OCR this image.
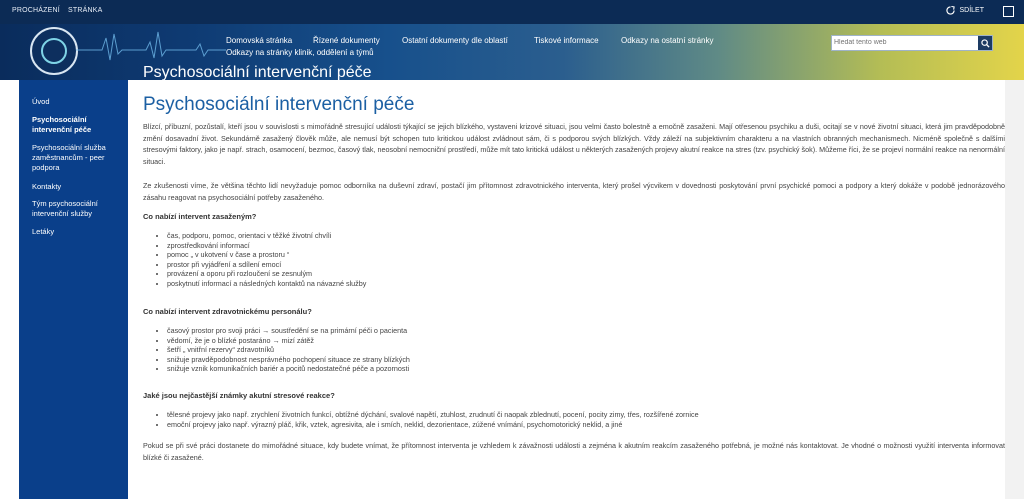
PROCHÁZENÍ STRÁNKA	SDÍLET
Domovská stránka	Řízené dokumenty	Ostatní dokumenty dle oblastí	Tiskové informace	Odkazy na ostatní stránky
Odkazy na stránky klinik, oddělení a týmů
Hledat tento web
Psychosociální intervenční péče
Úvod
Psychosociální intervenční péče
Psychosociální služba zaměstnancům - peer podpora
Kontakty
Tým psychosociální intervenční služby
Letáky
Psychosociální intervenční péče
Blízcí, příbuzní, pozůstalí, kteří jsou v souvislosti s mimořádně stresující události týkající se jejich blízkého, vystaveni krizové situaci, jsou velmi často bolestně a emočně zasaženi. Mají otřesenou psychiku a duši, ocitají se v nové životní situaci, která jim pravděpodobně změní dosavadní život. Sekundárně zasažený člověk může, ale nemusí být schopen tuto kritickou událost zvládnout sám, či s podporou svých blízkých. Vždy záleží na subjektivním charakteru a na vlastních obranných mechanismech. Nicméně společně s dalšími stresovými faktory, jako je např. strach, osamocení, bezmoc, časový tlak, neosobní nemocniční prostředí, může mít tato kritická událost u některých zasažených projevy akutní reakce na stres (tzv. psychický šok). Můžeme říci, že se projeví normální reakce na nenormální situaci.
Ze zkušenosti víme, že většina těchto lidí nevyžaduje pomoc odborníka na duševní zdraví, postačí jim přítomnost zdravotnického interventa, který prošel výcvikem v dovednosti poskytování první psychické pomoci a podpory a který dokáže v podobě jednorázového zásahu reagovat na psychosociální potřeby zasaženého.
Co nabízí intervent zasaženým?
• čas, podporu, pomoc, orientaci v těžké životní chvíli
• zprostředkování informací
• pomoc „ v ukotvení v čase a prostoru “
• prostor při vyjádření a sdílení emocí
• provázení a oporu při rozloučení se zesnulým
• poskytnutí informací a následných kontaktů na návazné služby
Co nabízí intervent zdravotnickému personálu?
• časový prostor pro svoji práci → soustředění se na primární péči o pacienta
• vědomí, že je o blízké postaráno → mizí zátěž
• šetří „ vnitřní rezervy“ zdravotníků
• snižuje pravděpodobnost nesprávného pochopení situace ze strany blízkých
• snižuje vznik komunikačních bariér a pocitů nedostatečné péče a pozornosti
Jaké jsou nejčastější známky akutní stresové reakce?
• tělesné projevy jako např. zrychlení životních funkcí, obtížné dýchání, svalové napětí, ztuhlost, zrudnutí či naopak zblednutí, pocení, pocity zimy, třes, rozšířené zornice
• emoční projevy jako např. výrazný pláč, křik, vztek, agresivita, ale i smích, neklid, dezorientace, zúžené vnímání, psychomotorický neklid, a jiné
Pokud se při své práci dostanete do mimořádné situace, kdy budete vnímat, že přítomnost interventa je vzhledem k závažnosti události a zejména k akutním reakcím zasaženého potřebná, je možné nás kontaktovat. Je vhodné o možnosti využití interventa informovat blízké či zasažené.
